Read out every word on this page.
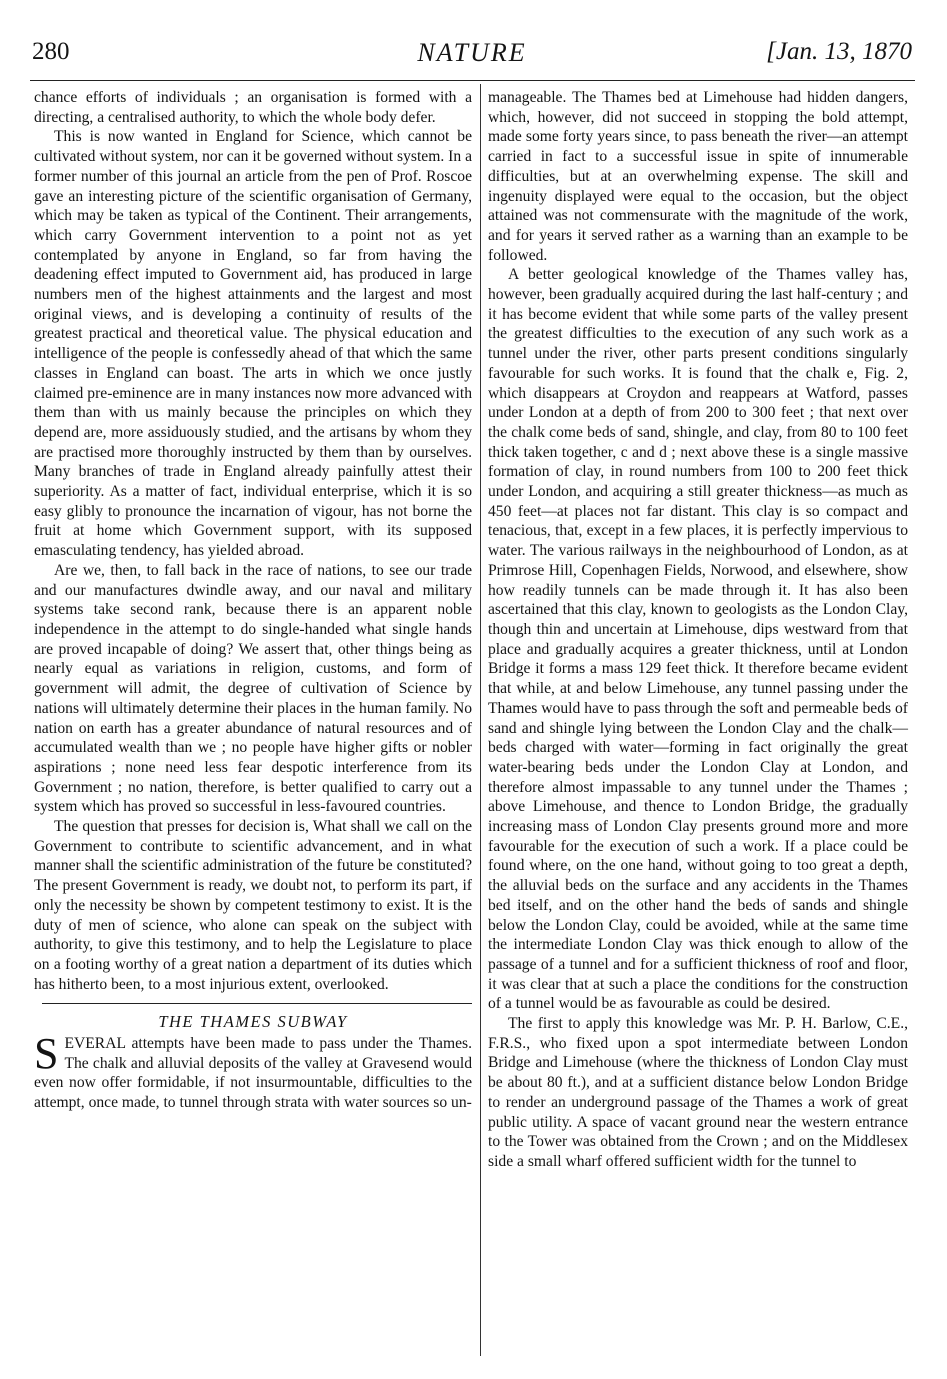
280	NATURE	[Jan. 13, 1870

chance efforts of individuals ; an organisation is formed with a directing, a centralised authority, to which the whole body defer.

This is now wanted in England for Science, which cannot be cultivated without system, nor can it be governed without system. In a former number of this journal an article from the pen of Prof. Roscoe gave an interesting picture of the scientific organisation of Germany, which may be taken as typical of the Continent. Their arrangements, which carry Government intervention to a point not as yet contemplated by anyone in England, so far from having the deadening effect imputed to Government aid, has produced in large numbers men of the highest attainments and the largest and most original views, and is developing a continuity of results of the greatest practical and theoretical value. The physical education and intelligence of the people is confessedly ahead of that which the same classes in England can boast. The arts in which we once justly claimed pre-eminence are in many instances now more advanced with them than with us mainly because the principles on which they depend are, more assiduously studied, and the artisans by whom they are practised more thoroughly instructed by them than by ourselves. Many branches of trade in England already painfully attest their superiority. As a matter of fact, individual enterprise, which it is so easy glibly to pronounce the incarnation of vigour, has not borne the fruit at home which Government support, with its supposed emasculating tendency, has yielded abroad.

Are we, then, to fall back in the race of nations, to see our trade and our manufactures dwindle away, and our naval and military systems take second rank, because there is an apparent noble independence in the attempt to do single-handed what single hands are proved incapable of doing? We assert that, other things being as nearly equal as variations in religion, customs, and form of government will admit, the degree of cultivation of Science by nations will ultimately determine their places in the human family. No nation on earth has a greater abundance of natural resources and of accumulated wealth than we ; no people have higher gifts or nobler aspirations ; none need less fear despotic interference from its Government ; no nation, therefore, is better qualified to carry out a system which has proved so successful in less-favoured countries.

The question that presses for decision is, What shall we call on the Government to contribute to scientific advancement, and in what manner shall the scientific administration of the future be constituted? The present Government is ready, we doubt not, to perform its part, if only the necessity be shown by competent testimony to exist. It is the duty of men of science, who alone can speak on the subject with authority, to give this testimony, and to help the Legislature to place on a footing worthy of a great nation a department of its duties which has hitherto been, to a most injurious extent, overlooked.

THE THAMES SUBWAY

SEVERAL attempts have been made to pass under the Thames. The chalk and alluvial deposits of the valley at Gravesend would even now offer formidable, if not insurmountable, difficulties to the attempt, once made, to tunnel through strata with water sources so un-

manageable. The Thames bed at Limehouse had hidden dangers, which, however, did not succeed in stopping the bold attempt, made some forty years since, to pass beneath the river—an attempt carried in fact to a successful issue in spite of innumerable difficulties, but at an overwhelming expense. The skill and ingenuity displayed were equal to the occasion, but the object attained was not commensurate with the magnitude of the work, and for years it served rather as a warning than an example to be followed.

A better geological knowledge of the Thames valley has, however, been gradually acquired during the last half-century ; and it has become evident that while some parts of the valley present the greatest difficulties to the execution of any such work as a tunnel under the river, other parts present conditions singularly favourable for such works. It is found that the chalk e, Fig. 2, which disappears at Croydon and reappears at Watford, passes under London at a depth of from 200 to 300 feet ; that next over the chalk come beds of sand, shingle, and clay, from 80 to 100 feet thick taken together, c and d ; next above these is a single massive formation of clay, in round numbers from 100 to 200 feet thick under London, and acquiring a still greater thickness—as much as 450 feet—at places not far distant. This clay is so compact and tenacious, that, except in a few places, it is perfectly impervious to water. The various railways in the neighbourhood of London, as at Primrose Hill, Copenhagen Fields, Norwood, and elsewhere, show how readily tunnels can be made through it. It has also been ascertained that this clay, known to geologists as the London Clay, though thin and uncertain at Limehouse, dips westward from that place and gradually acquires a greater thickness, until at London Bridge it forms a mass 129 feet thick. It therefore became evident that while, at and below Limehouse, any tunnel passing under the Thames would have to pass through the soft and permeable beds of sand and shingle lying between the London Clay and the chalk—beds charged with water—forming in fact originally the great water-bearing beds under the London Clay at London, and therefore almost impassable to any tunnel under the Thames ; above Limehouse, and thence to London Bridge, the gradually increasing mass of London Clay presents ground more and more favourable for the execution of such a work. If a place could be found where, on the one hand, without going to too great a depth, the alluvial beds on the surface and any accidents in the Thames bed itself, and on the other hand the beds of sands and shingle below the London Clay, could be avoided, while at the same time the intermediate London Clay was thick enough to allow of the passage of a tunnel and for a sufficient thickness of roof and floor, it was clear that at such a place the conditions for the construction of a tunnel would be as favourable as could be desired.

The first to apply this knowledge was Mr. P. H. Barlow, C.E., F.R.S., who fixed upon a spot intermediate between London Bridge and Limehouse (where the thickness of London Clay must be about 80 ft.), and at a sufficient distance below London Bridge to render an underground passage of the Thames a work of great public utility. A space of vacant ground near the western entrance to the Tower was obtained from the Crown ; and on the Middlesex side a small wharf offered sufficient width for the tunnel to
